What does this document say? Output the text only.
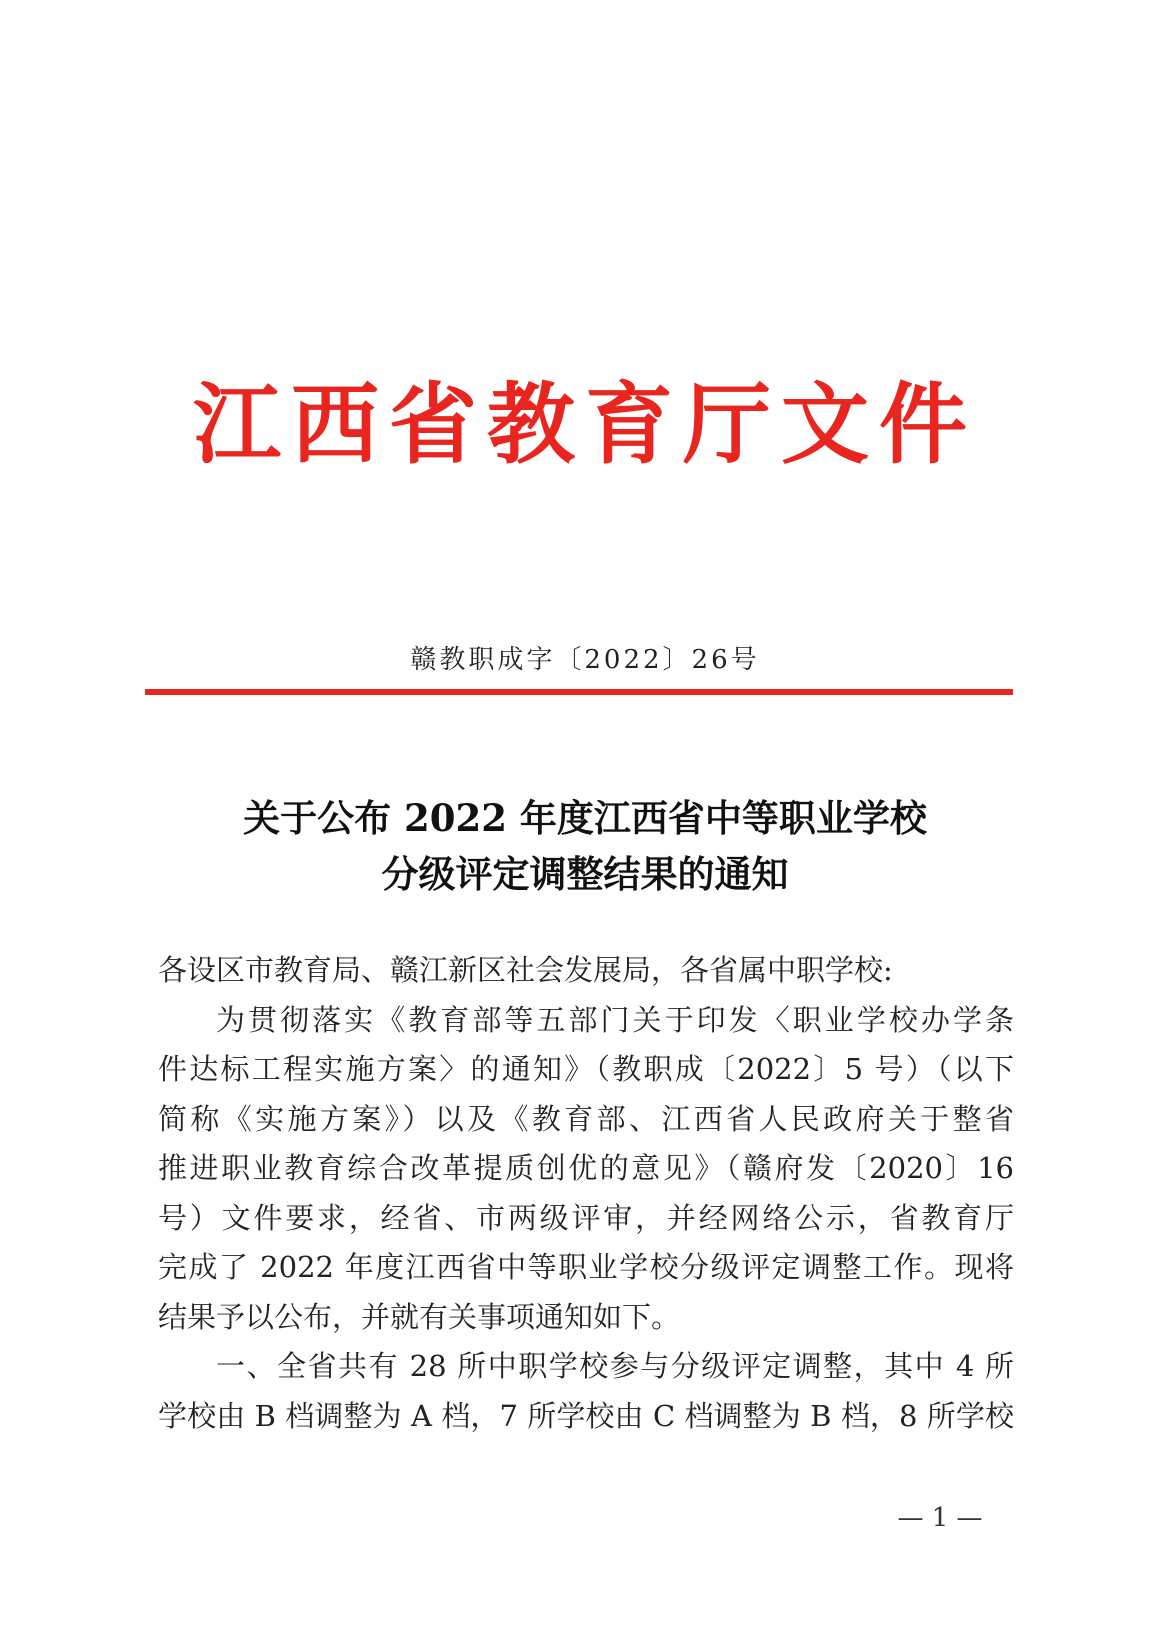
江西省教育厅文件
赣教职成字〔2022〕26号
关于公布 2022 年度江西省中等职业学校
分级评定调整结果的通知
各设区市教育局、赣江新区社会发展局，各省属中职学校:
为贯彻落实《教育部等五部门关于印发〈职业学校办学条
件达标工程实施方案〉的通知》（教职成〔2022〕5 号）（以下
简称《实施方案》）以及《教育部、江西省人民政府关于整省
推进职业教育综合改革提质创优的意见》（赣府发〔2020〕16
号）文件要求，经省、市两级评审，并经网络公示，省教育厅
完成了 2022 年度江西省中等职业学校分级评定调整工作。现将
结果予以公布，并就有关事项通知如下。
一、全省共有 28 所中职学校参与分级评定调整，其中 4 所
学校由 B 档调整为 A 档，7 所学校由 C 档调整为 B 档，8 所学校
— 1 —
